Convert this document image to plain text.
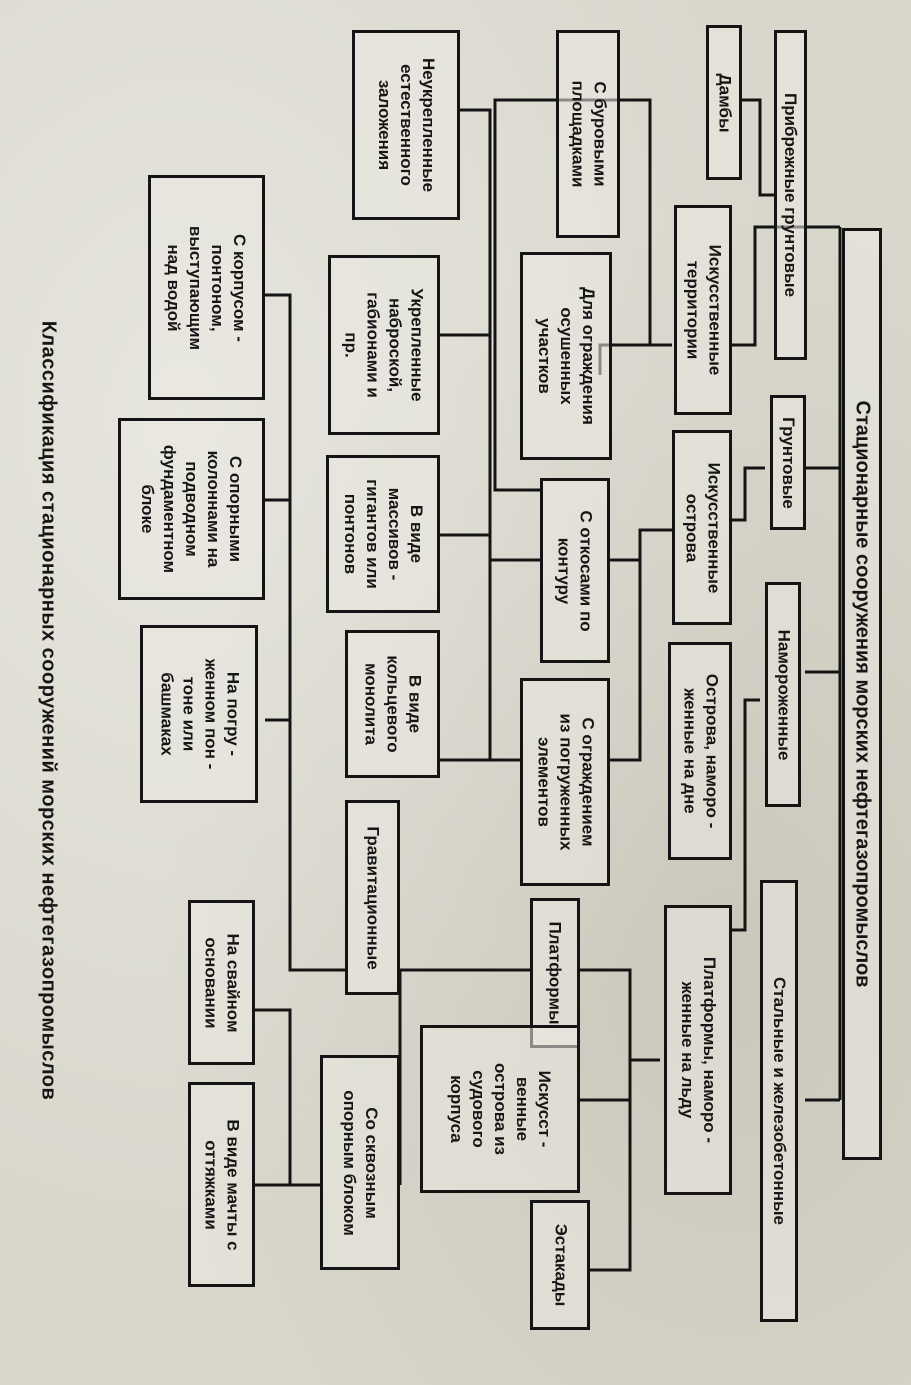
Стационарные сооружения морских нефтегазопромыслов
Прибрежные грунтовые
Грунтовые
Намороженные
Стальные и железобетонные
Дамбы
Искусственные
территории
Искусственные
острова
Острова, наморо -
женные на дне
Платформы, наморо -
женные на льду
С буровыми
площадками
Для ограждения
осушенных
участков
С откосами по
контуру
С ограждением
из погруженных
элементов
Платформы
Искусст -
венные
острова из
судового
корпуса
Эстакады
Неукрепленные
естественного
заложения
Укрепленные
наброской,
габионами и
пр.
В виде
массивов -
гигантов или
понтонов
В виде
кольцевого
монолита
Гравитационные
Со сквозным
опорным блоком
С корпусом -
понтоном,
выступающим
над водой
С опорными
колоннами на
подводном
фундаментном
блоке
На погру -
женном пон -
тоне или
башмаках
На свайном
основании
В виде мачты с
оттяжками
Классификация стационарных сооружений морских нефтегазопромыслов
